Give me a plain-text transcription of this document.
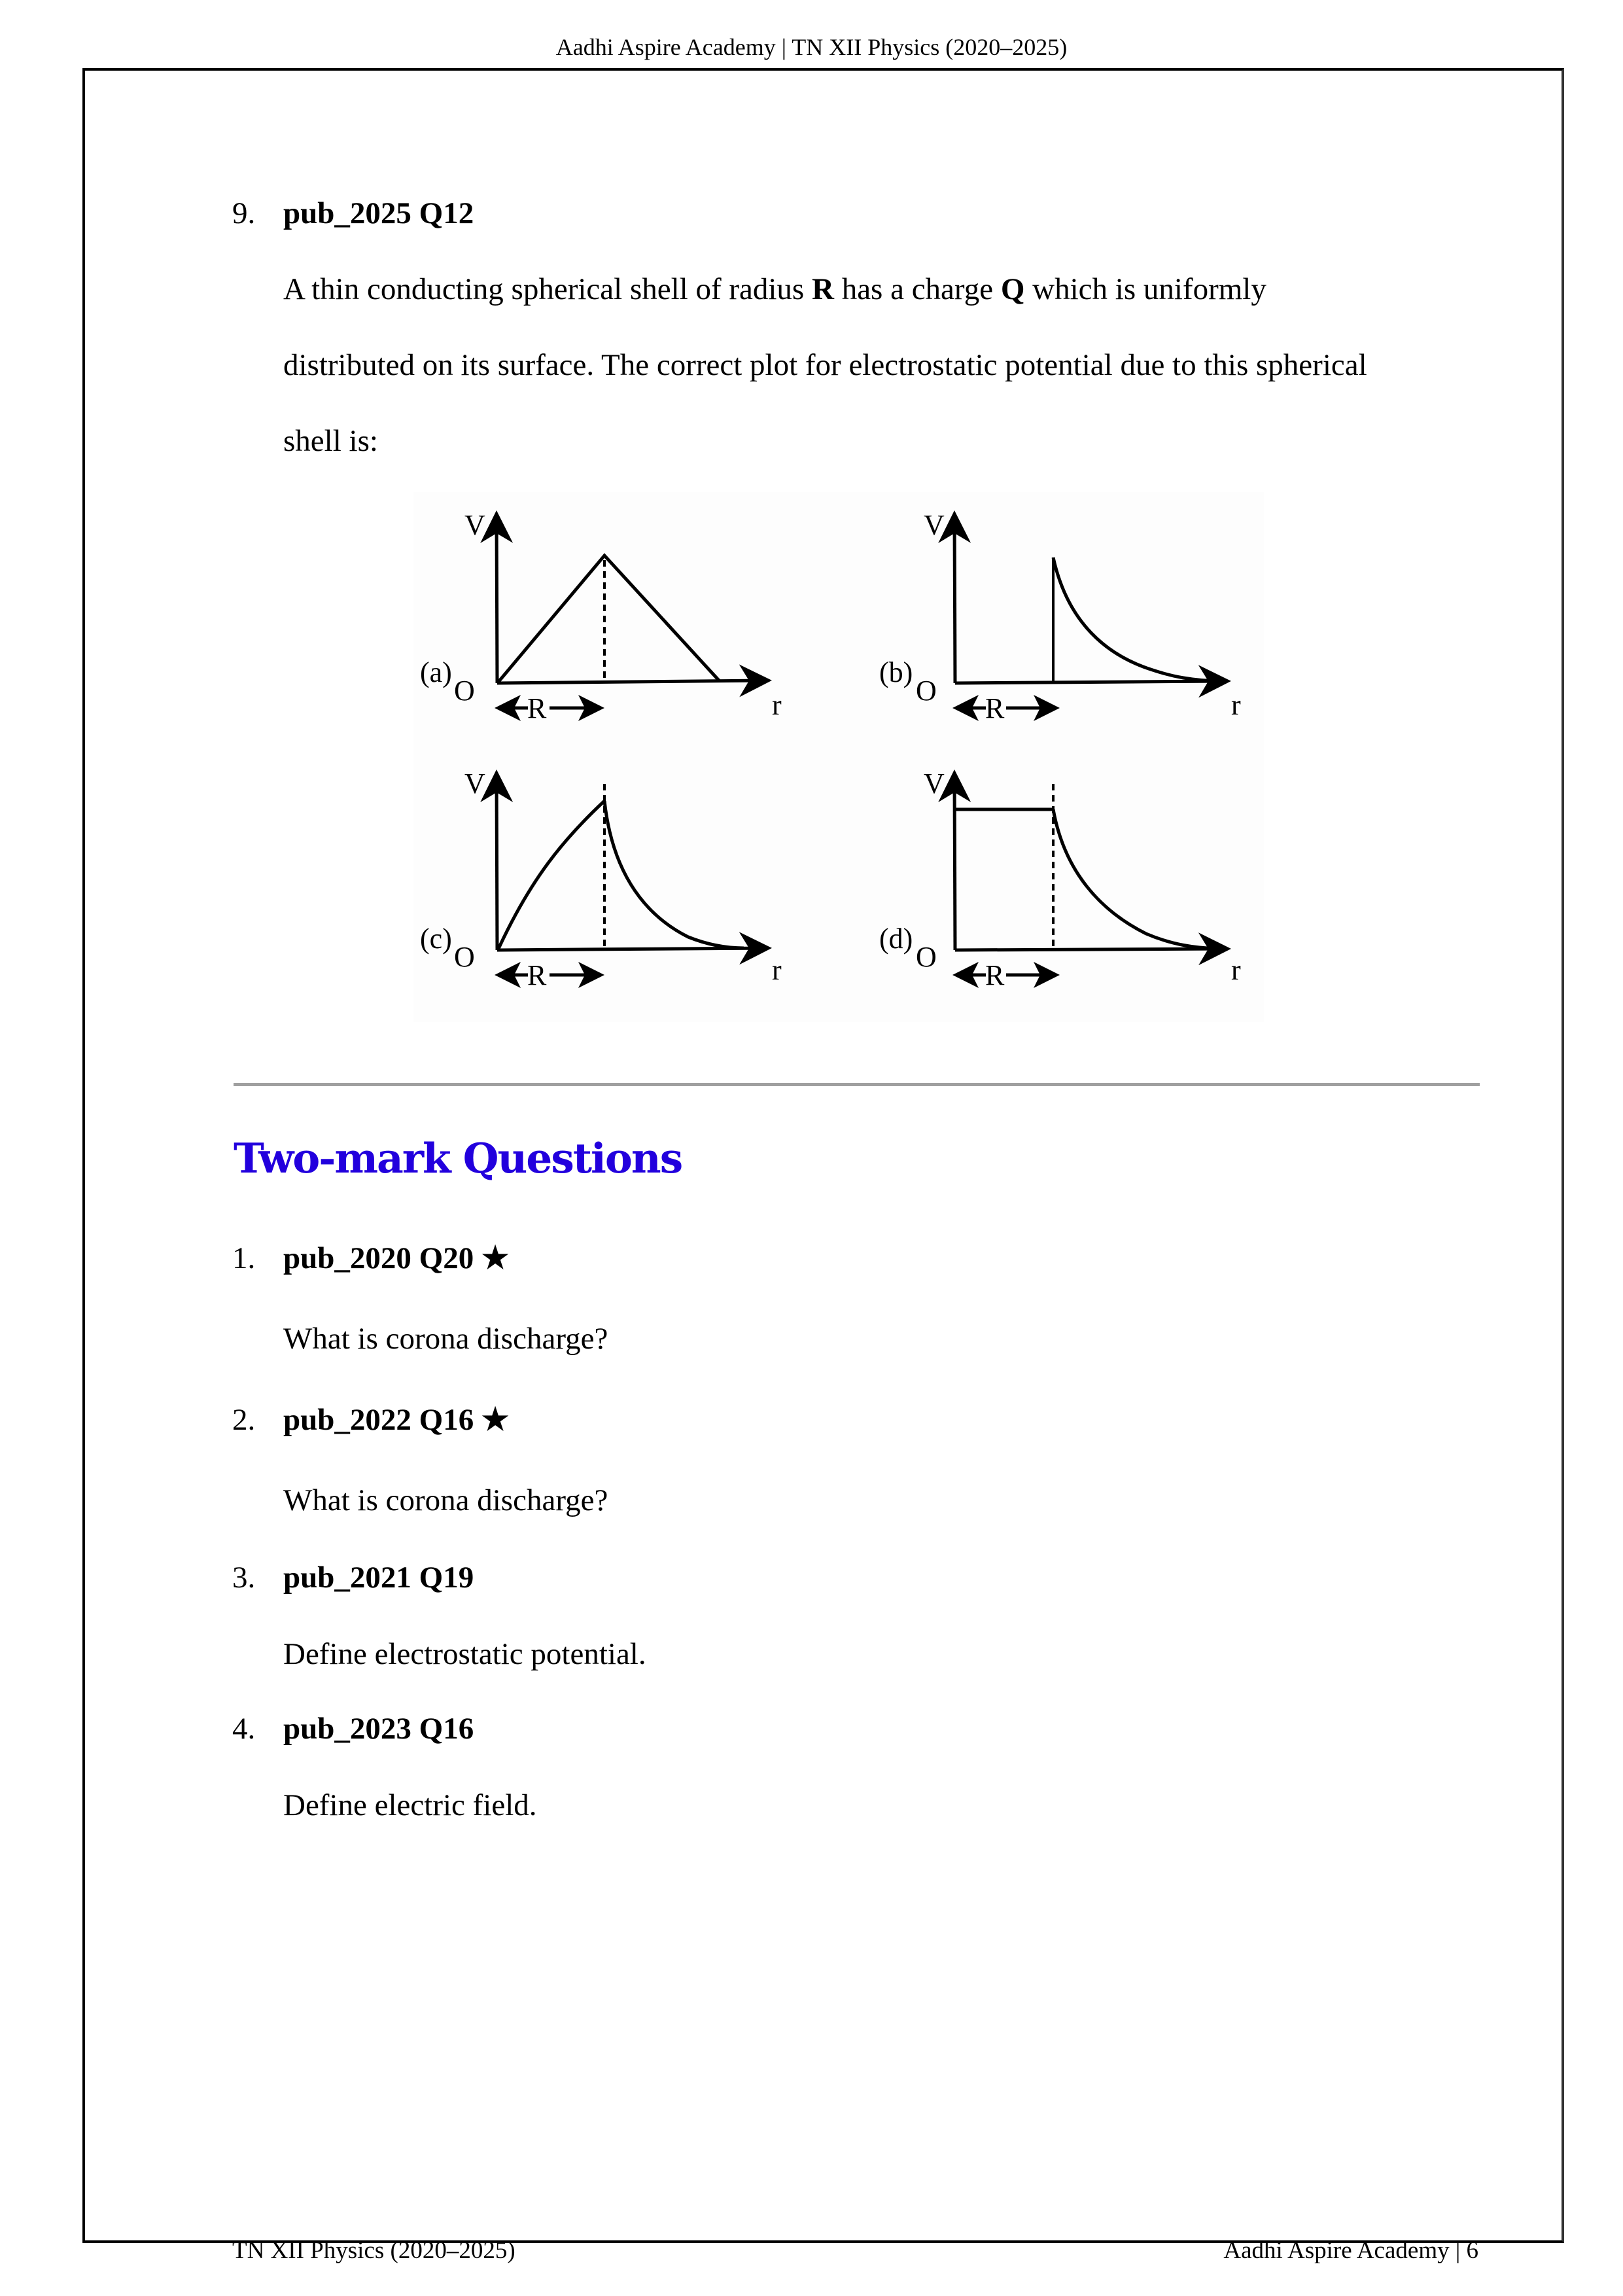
Aadhi Aspire Academy | TN XII Physics (2020–2025)
9. pub_2025 Q12
A thin conducting spherical shell of radius R has a charge Q which is uniformly
distributed on its surface. The correct plot for electrostatic potential due to this spherical
shell is:
(a)
O
V
r
R
(b)
O
V
r
R
(c)
O
V
r
R
(d)
O
V
r
R
Two-mark Questions
1. pub_2020 Q20 ★
What is corona discharge?
2. pub_2022 Q16 ★
What is corona discharge?
3. pub_2021 Q19
Define electrostatic potential.
4. pub_2023 Q16
Define electric field.
TN XII Physics (2020–2025)	Aadhi Aspire Academy | 6
